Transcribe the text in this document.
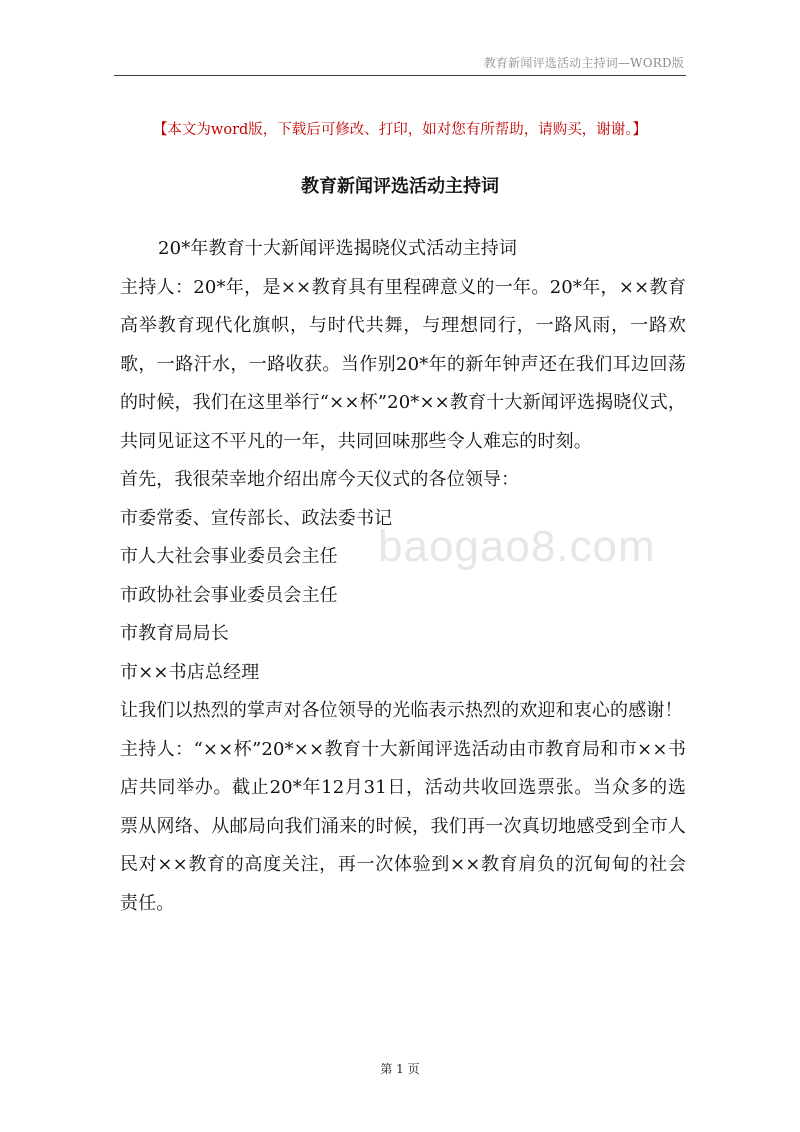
教育新闻评选活动主持词—WORD版
【本文为word版，下载后可修改、打印，如对您有所帮助，请购买，谢谢。】
教育新闻评选活动主持词

20*年教育十大新闻评选揭晓仪式活动主持词

主持人：20*年，是××教育具有里程碑意义的一年。20*年，××教育高举教育现代化旗帜，与时代共舞，与理想同行，一路风雨，一路欢歌，一路汗水，一路收获。当作别20*年的新年钟声还在我们耳边回荡的时候，我们在这里举行“××杯”20*××教育十大新闻评选揭晓仪式，共同见证这不平凡的一年，共同回味那些令人难忘的时刻。

首先，我很荣幸地介绍出席今天仪式的各位领导：

市委常委、宣传部长、政法委书记

市人大社会事业委员会主任

市政协社会事业委员会主任

市教育局局长

市××书店总经理

让我们以热烈的掌声对各位领导的光临表示热烈的欢迎和衷心的感谢！

主持人：“××杯”20*××教育十大新闻评选活动由市教育局和市××书店共同举办。截止20*年12月31日，活动共收回选票张。当众多的选票从网络、从邮局向我们涌来的时候，我们再一次真切地感受到全市人民对××教育的高度关注，再一次体验到××教育肩负的沉甸甸的社会责任。

baogao8.com
第 1 页
